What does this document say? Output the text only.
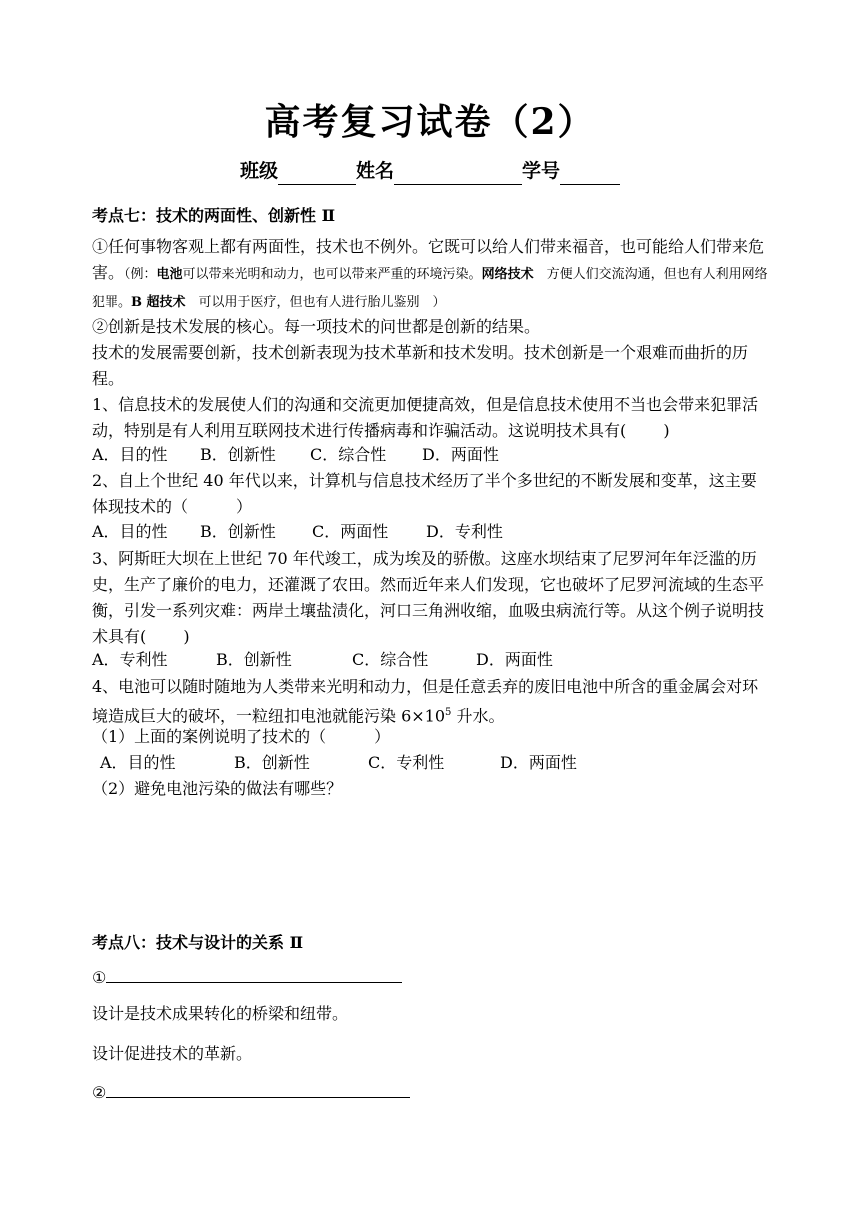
高考复习试卷（2）
班级	姓名	学号
考点七：技术的两面性、创新性 Ⅱ
①任何事物客观上都有两面性，技术也不例外。它既可以给人们带来福音，也可能给人们带来危害。（例：电池可以带来光明和动力，也可以带来严重的环境污染。网络技术　方便人们交流沟通，但也有人利用网络犯罪。B 超技术　可以用于医疗，但也有人进行胎儿鉴别　）
②创新是技术发展的核心。每一项技术的问世都是创新的结果。
技术的发展需要创新，技术创新表现为技术革新和技术发明。技术创新是一个艰难而曲折的历程。
1、信息技术的发展使人们的沟通和交流更加便捷高效，但是信息技术使用不当也会带来犯罪活动，特别是有人利用互联网技术进行传播病毒和诈骗活动。这说明技术具有(　　 )
A．目的性 B．创新性 C．综合性 D．两面性
2、自上个世纪 40 年代以来，计算机与信息技术经历了半个多世纪的不断发展和变革，这主要体现技术的（　　　）
A．目的性 B．创新性 C．两面性 D．专利性
3、阿斯旺大坝在上世纪 70 年代竣工，成为埃及的骄傲。这座水坝结束了尼罗河年年泛滥的历史，生产了廉价的电力，还灌溉了农田。然而近年来人们发现，它也破坏了尼罗河流域的生态平衡，引发一系列灾难：两岸土壤盐渍化，河口三角洲收缩，血吸虫病流行等。从这个例子说明技术具有(　　 )
A．专利性	B．创新性	C．综合性	D．两面性
4、电池可以随时随地为人类带来光明和动力，但是任意丢弃的废旧电池中所含的重金属会对环境造成巨大的破坏，一粒纽扣电池就能污染 $6\times 10^5$ 升水。
（1）上面的案例说明了技术的（　　　）
A．目的性	B．创新性	C．专利性	D．两面性
（2）避免电池污染的做法有哪些？
考点八：技术与设计的关系 Ⅱ
①
设计是技术成果转化的桥梁和纽带。
设计促进技术的革新。
②
